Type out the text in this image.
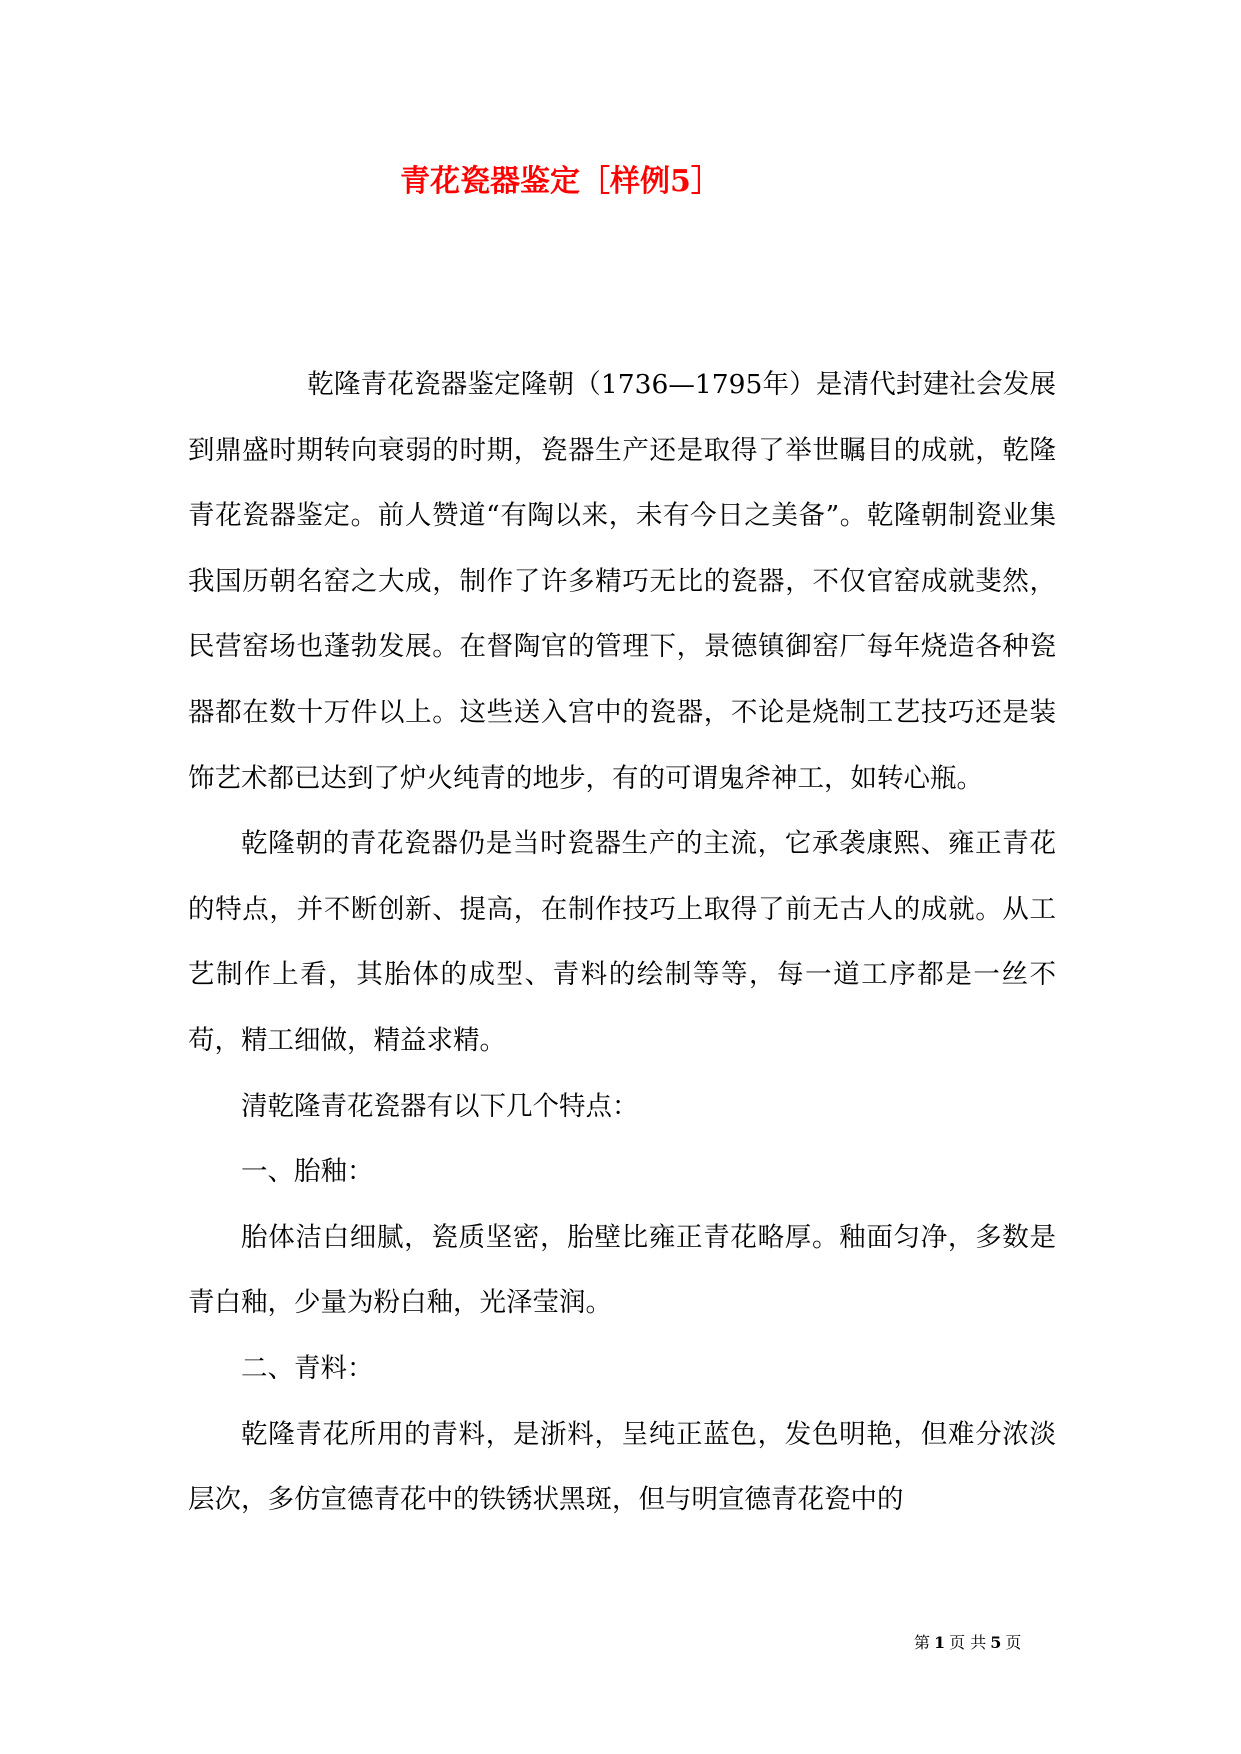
青花瓷器鉴定［样例5］

乾隆青花瓷器鉴定隆朝（1736—1795年）是清代封建社会发展到鼎盛时期转向衰弱的时期，瓷器生产还是取得了举世瞩目的成就，乾隆青花瓷器鉴定。前人赞道“有陶以来，未有今日之美备”。乾隆朝制瓷业集我国历朝名窑之大成，制作了许多精巧无比的瓷器，不仅官窑成就斐然，民营窑场也蓬勃发展。在督陶官的管理下，景德镇御窑厂每年烧造各种瓷器都在数十万件以上。这些送入宫中的瓷器，不论是烧制工艺技巧还是装饰艺术都已达到了炉火纯青的地步，有的可谓鬼斧神工，如转心瓶。

乾隆朝的青花瓷器仍是当时瓷器生产的主流，它承袭康熙、雍正青花的特点，并不断创新、提高，在制作技巧上取得了前无古人的成就。从工艺制作上看，其胎体的成型、青料的绘制等等，每一道工序都是一丝不苟，精工细做，精益求精。

清乾隆青花瓷器有以下几个特点：

一、胎釉：

胎体洁白细腻，瓷质坚密，胎壁比雍正青花略厚。釉面匀净，多数是青白釉，少量为粉白釉，光泽莹润。

二、青料：

乾隆青花所用的青料，是浙料，呈纯正蓝色，发色明艳，但难分浓淡层次，多仿宣德青花中的铁锈状黑斑，但与明宣德青花瓷中的

第 1 页 共 5 页
